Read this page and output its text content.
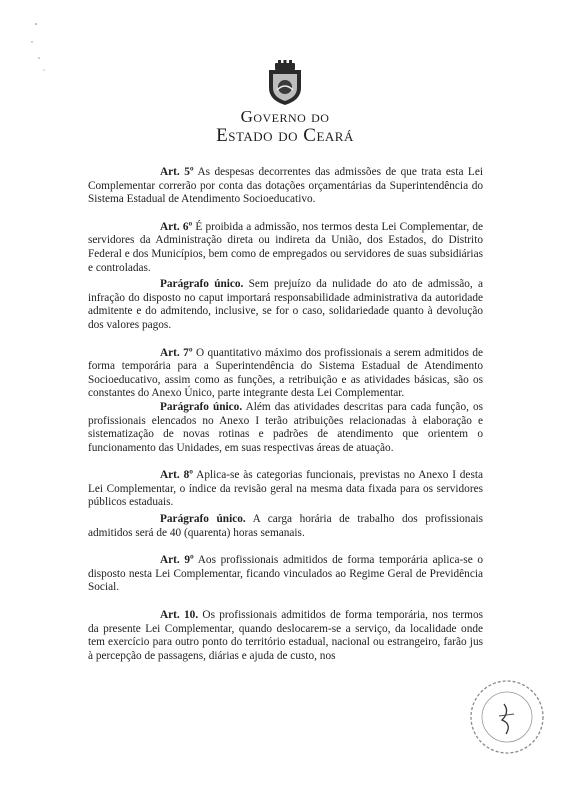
Governo do
Estado do Ceará

Art. 5º As despesas decorrentes das admissões de que trata esta Lei Complementar correrão por conta das dotações orçamentárias da Superintendência do Sistema Estadual de Atendimento Socioeducativo.

Art. 6º É proibida a admissão, nos termos desta Lei Complementar, de servidores da Administração direta ou indireta da União, dos Estados, do Distrito Federal e dos Municípios, bem como de empregados ou servidores de suas subsidiárias e controladas.

Parágrafo único. Sem prejuízo da nulidade do ato de admissão, a infração do disposto no caput importará responsabilidade administrativa da autoridade admitente e do admitendo, inclusive, se for o caso, solidariedade quanto à devolução dos valores pagos.

Art. 7º O quantitativo máximo dos profissionais a serem admitidos de forma temporária para a Superintendência do Sistema Estadual de Atendimento Socioeducativo, assim como as funções, a retribuição e as atividades básicas, são os constantes do Anexo Único, parte integrante desta Lei Complementar.

Parágrafo único. Além das atividades descritas para cada função, os profissionais elencados no Anexo I terão atribuições relacionadas à elaboração e sistematização de novas rotinas e padrões de atendimento que orientem o funcionamento das Unidades, em suas respectivas áreas de atuação.

Art. 8º Aplica-se às categorias funcionais, previstas no Anexo I desta Lei Complementar, o índice da revisão geral na mesma data fixada para os servidores públicos estaduais.

Parágrafo único. A carga horária de trabalho dos profissionais admitidos será de 40 (quarenta) horas semanais.

Art. 9º Aos profissionais admitidos de forma temporária aplica-se o disposto nesta Lei Complementar, ficando vinculados ao Regime Geral de Previdência Social.

Art. 10. Os profissionais admitidos de forma temporária, nos termos da presente Lei Complementar, quando deslocarem-se a serviço, da localidade onde tem exercício para outro ponto do território estadual, nacional ou estrangeiro, farão jus à percepção de passagens, diárias e ajuda de custo, nos
